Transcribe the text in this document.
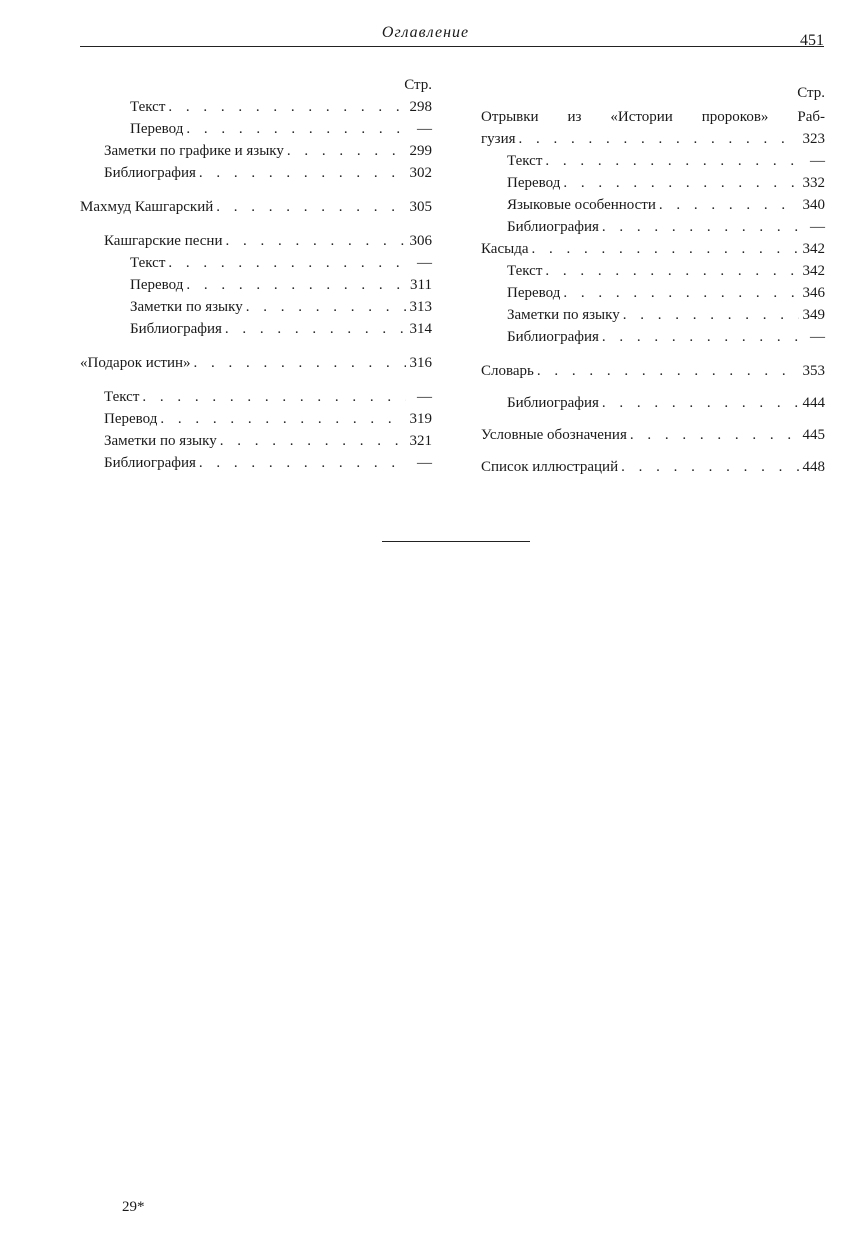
Оглавление	451
Стр.
Текст . . .	298
Перевод . . .	—
Заметки по графике и языку . . .	299
Библиография . . .	302
Махмуд Кашгарский . . .	305
Кашгарские песни . . .	306
Текст . . .	—
Перевод . . .	311
Заметки по языку . . .	313
Библиография . . .	314
«Подарок истин» . . .	316
Текст . . .	—
Перевод . . .	319
Заметки по языку . . .	321
Библиография . . .	—
Стр.
Отрывки из «Истории пророков» Раб-
гузия . . .	323
Текст . . .	—
Перевод . . .	332
Языковые особенности . . .	340
Библиография . . .	—
Касыда . . .	342
Текст . . .	342
Перевод . . .	346
Заметки по языку . . .	349
Библиография . . .	—
Словарь . . .	353
Библиография . . .	444
Условные обозначения . . .	445
Список иллюстраций . . .	448
29*
